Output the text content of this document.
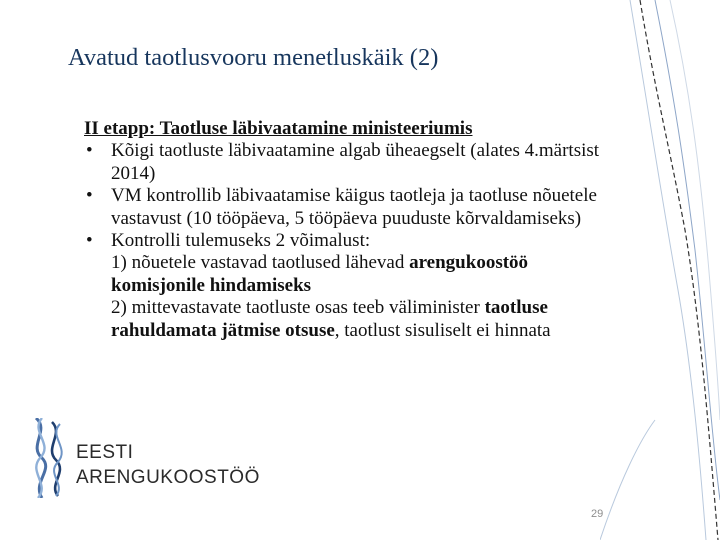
Avatud taotlusvooru menetluskäik (2)
II etapp: Taotluse läbivaatamine ministeeriumis
• Kõigi taotluste läbivaatamine algab üheaegselt (alates 4.märtsist 2014)
• VM kontrollib läbivaatamise käigus taotleja ja taotluse nõuetele vastavust (10 tööpäeva, 5 tööpäeva puuduste kõrvaldamiseks)
• Kontrolli tulemuseks 2 võimalust:
1) nõuetele vastavad taotlused lähevad arengukoostöö komisjonile hindamiseks
2) mittevastavate taotluste osas teeb väliminister taotluse rahuldamata jätmise otsuse, taotlust sisuliselt ei hinnata
EESTI
ARENGUKOOSTÖÖ
29
